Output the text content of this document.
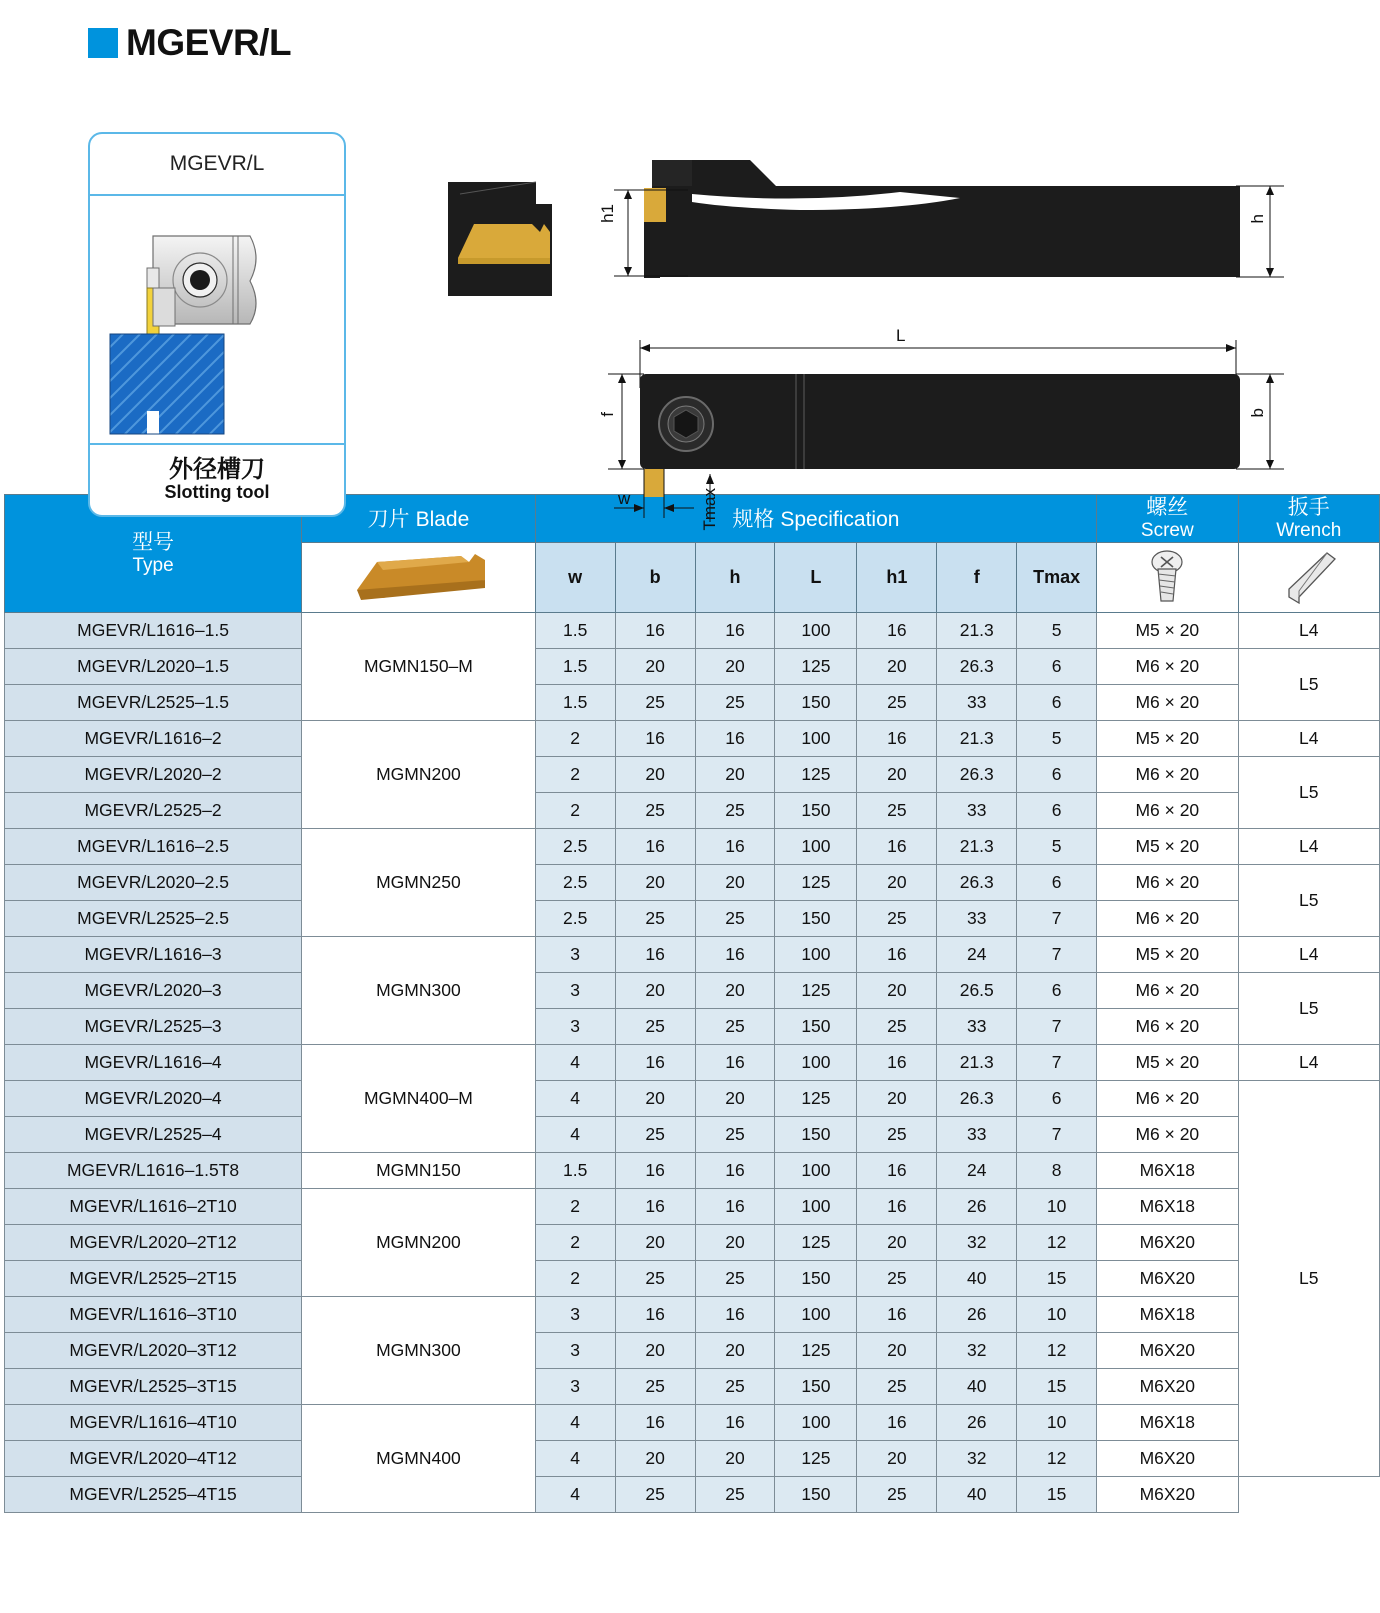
MGEVR/L
MGEVR/L
外径槽刀
Slotting tool
h1	h
L
f	b
w	Tmax
型号
Type	刀片 Blade	规格 Specification							螺丝
Screw	扳手
Wrench

	w	b	h	L	h1	f	Tmax	

MGEVR/L1616–1.5	MGMN150–M	1.5	16	16	100	16	21.3	5	M5 × 20	L4
MGEVR/L2020–1.5		1.5	20	20	125	20	26.3	6	M6 × 20	L5
MGEVR/L2525–1.5		1.5	25	25	150	25	33	6	M6 × 20	
MGEVR/L1616–2	MGMN200	2	16	16	100	16	21.3	5	M5 × 20	L4
MGEVR/L2020–2		2	20	20	125	20	26.3	6	M6 × 20	L5
MGEVR/L2525–2		2	25	25	150	25	33	6	M6 × 20	
MGEVR/L1616–2.5	MGMN250	2.5	16	16	100	16	21.3	5	M5 × 20	L4
MGEVR/L2020–2.5		2.5	20	20	125	20	26.3	6	M6 × 20	L5
MGEVR/L2525–2.5		2.5	25	25	150	25	33	7	M6 × 20	
MGEVR/L1616–3	MGMN300	3	16	16	100	16	24	7	M5 × 20	L4
MGEVR/L2020–3		3	20	20	125	20	26.5	6	M6 × 20	L5
MGEVR/L2525–3		3	25	25	150	25	33	7	M6 × 20	
MGEVR/L1616–4	MGMN400–M	4	16	16	100	16	21.3	7	M5 × 20	L4
MGEVR/L2020–4		4	20	20	125	20	26.3	6	M6 × 20	L5
MGEVR/L2525–4		4	25	25	150	25	33	7	M6 × 20	
MGEVR/L1616–1.5T8	MGMN150	1.5	16	16	100	16	24	8	M6X18	
MGEVR/L1616–2T10	MGMN200	2	16	16	100	16	26	10	M6X18	
MGEVR/L2020–2T12		2	20	20	125	20	32	12	M6X20	
MGEVR/L2525–2T15		2	25	25	150	25	40	15	M6X20	
MGEVR/L1616–3T10	MGMN300	3	16	16	100	16	26	10	M6X18	
MGEVR/L2020–3T12		3	20	20	125	20	32	12	M6X20	
MGEVR/L2525–3T15		3	25	25	150	25	40	15	M6X20	
MGEVR/L1616–4T10	MGMN400	4	16	16	100	16	26	10	M6X18	
MGEVR/L2020–4T12		4	20	20	125	20	32	12	M6X20	
MGEVR/L2525–4T15		4	25	25	150	25	40	15	M6X20	
